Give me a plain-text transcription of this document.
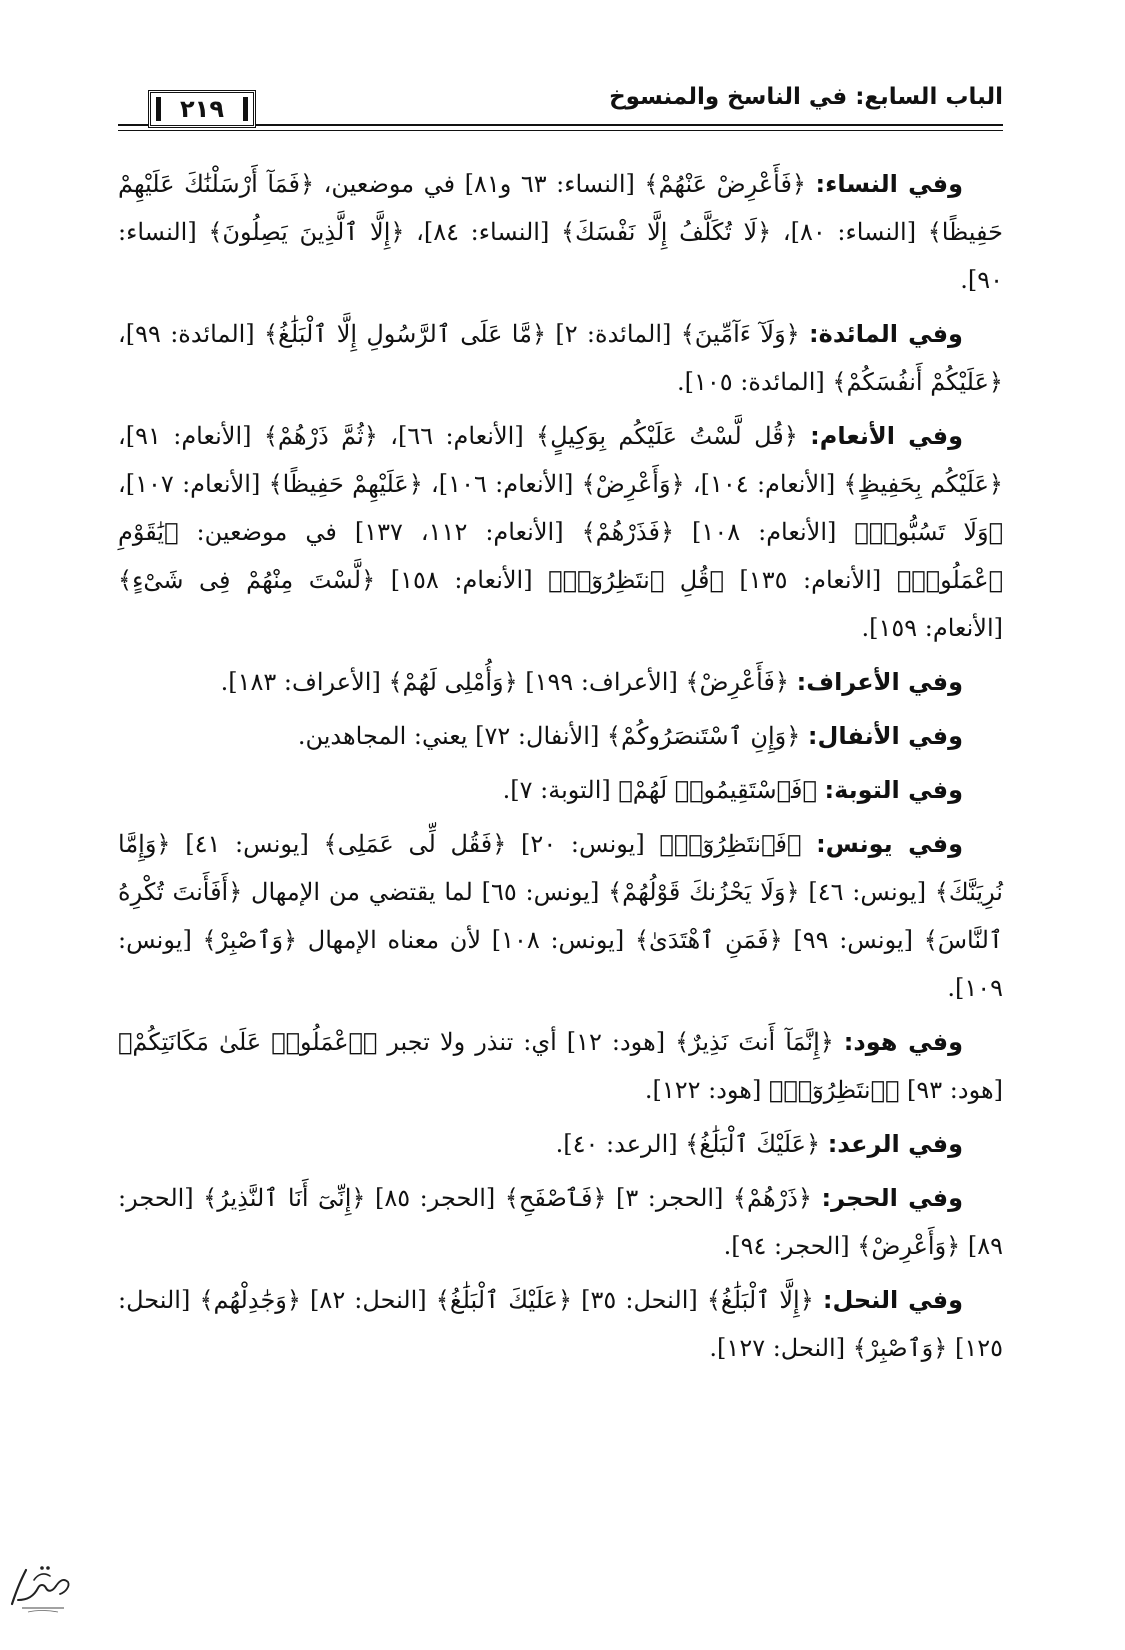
الباب السابع: في الناسخ والمنسوخ
٢١٩

وفي النساء: ﴿فَأَعْرِضْ عَنْهُمْ﴾ [النساء: ٦٣ و٨١] في موضعين، ﴿فَمَآ أَرْسَلْنَٰكَ عَلَيْهِمْ حَفِيظًا﴾ [النساء: ٨٠]، ﴿لَا تُكَلَّفُ إِلَّا نَفْسَكَ﴾ [النساء: ٨٤]، ﴿إِلَّا ٱلَّذِينَ يَصِلُونَ﴾ [النساء: ٩٠].

وفي المائدة: ﴿وَلَآ ءَآمِّينَ﴾ [المائدة: ٢] ﴿مَّا عَلَى ٱلرَّسُولِ إِلَّا ٱلْبَلَٰغُ﴾ [المائدة: ٩٩]، ﴿عَلَيْكُمْ أَنفُسَكُمْ﴾ [المائدة: ١٠٥].

وفي الأنعام: ﴿قُل لَّسْتُ عَلَيْكُم بِوَكِيلٍ﴾ [الأنعام: ٦٦]، ﴿ثُمَّ ذَرْهُمْ﴾ [الأنعام: ٩١]، ﴿عَلَيْكُم بِحَفِيظٍ﴾ [الأنعام: ١٠٤]، ﴿وَأَعْرِضْ﴾ [الأنعام: ١٠٦]، ﴿عَلَيْهِمْ حَفِيظًا﴾ [الأنعام: ١٠٧]، ﴿وَلَا تَسُبُّوا۟﴾ [الأنعام: ١٠٨] ﴿فَذَرْهُمْ﴾ [الأنعام: ١١٢، ١٣٧] في موضعين: ﴿يَٰقَوْمِ ٱعْمَلُوا۟﴾ [الأنعام: ١٣٥] ﴿قُلِ ٱنتَظِرُوٓا۟﴾ [الأنعام: ١٥٨] ﴿لَّسْتَ مِنْهُمْ فِى شَىْءٍ﴾ [الأنعام: ١٥٩].

وفي الأعراف: ﴿فَأَعْرِضْ﴾ [الأعراف: ١٩٩] ﴿وَأُمْلِى لَهُمْ﴾ [الأعراف: ١٨٣].

وفي الأنفال: ﴿وَإِنِ ٱسْتَنصَرُوكُمْ﴾ [الأنفال: ٧٢] يعني: المجاهدين.

وفي التوبة: ﴿فَٱسْتَقِيمُوا۟ لَهُمْ﴾ [التوبة: ٧].

وفي يونس: ﴿فَٱنتَظِرُوٓا۟﴾ [يونس: ٢٠] ﴿فَقُل لِّى عَمَلِى﴾ [يونس: ٤١] ﴿وَإِمَّا نُرِيَنَّكَ﴾ [يونس: ٤٦] ﴿وَلَا يَحْزُنكَ قَوْلُهُمْ﴾ [يونس: ٦٥] لما يقتضي من الإمهال ﴿أَفَأَنتَ تُكْرِهُ ٱلنَّاسَ﴾ [يونس: ٩٩] ﴿فَمَنِ ٱهْتَدَىٰ﴾ [يونس: ١٠٨] لأن معناه الإمهال ﴿وَٱصْبِرْ﴾ [يونس: ١٠٩].

وفي هود: ﴿إِنَّمَآ أَنتَ نَذِيرٌ﴾ [هود: ١٢] أي: تنذر ولا تجبر ﴿ٱعْمَلُوا۟ عَلَىٰ مَكَانَتِكُمْ﴾ [هود: ٩٣] ﴿ٱنتَظِرُوٓا۟﴾ [هود: ١٢٢].

وفي الرعد: ﴿عَلَيْكَ ٱلْبَلَٰغُ﴾ [الرعد: ٤٠].

وفي الحجر: ﴿ذَرْهُمْ﴾ [الحجر: ٣] ﴿فَٱصْفَحِ﴾ [الحجر: ٨٥] ﴿إِنِّىٓ أَنَا ٱلنَّذِيرُ﴾ [الحجر: ٨٩] ﴿وَأَعْرِضْ﴾ [الحجر: ٩٤].

وفي النحل: ﴿إِلَّا ٱلْبَلَٰغُ﴾ [النحل: ٣٥] ﴿عَلَيْكَ ٱلْبَلَٰغُ﴾ [النحل: ٨٢] ﴿وَجَٰدِلْهُم﴾ [النحل: ١٢٥] ﴿وَٱصْبِرْ﴾ [النحل: ١٢٧].
